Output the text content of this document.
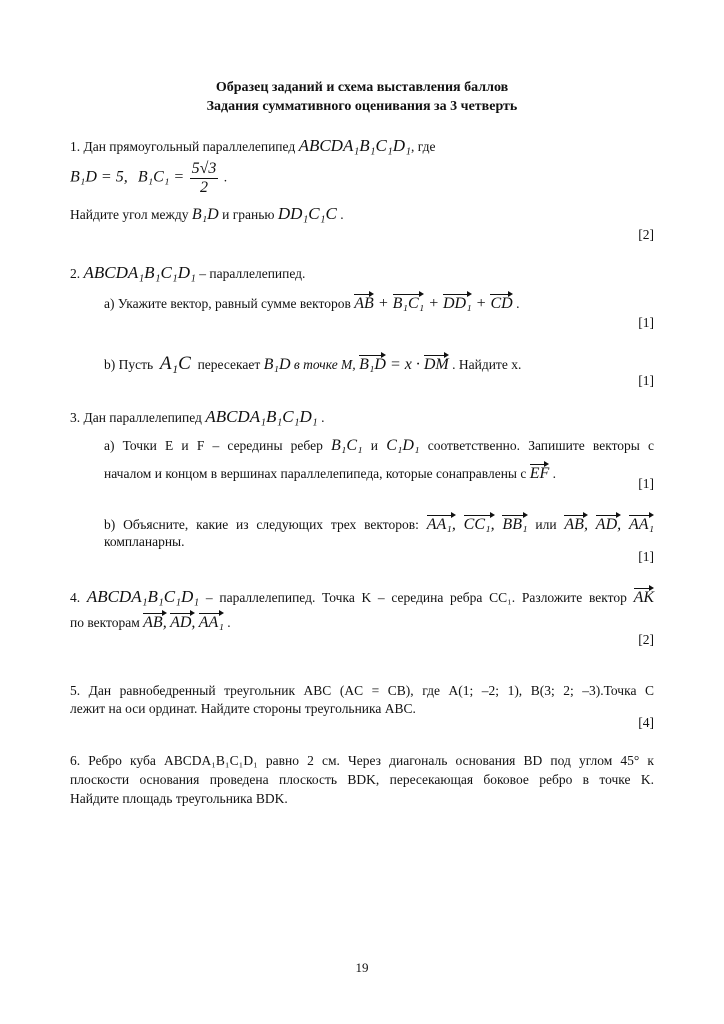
Образец заданий и схема выставления баллов
Задания суммативного оценивания за 3 четверть
1. Дан прямоугольный параллелепипед ABCDA₁B₁C₁D₁, где
B₁D = 5, $B_1C_1 = \frac{5√3}{2}$ .
Найдите угол между B₁D и гранью DD₁C₁C .
[2]
2. ABCDA₁B₁C₁D₁ – параллелепипед.
a) Укажите вектор, равный сумме векторов AB + B₁C₁ + DD₁ + CD .
[1]
b) Пусть A₁C пересекает B₁D в точке M, B₁D = x · DM . Найдите x.
[1]
3. Дан параллелепипед ABCDA₁B₁C₁D₁ .
a) Точки E и F – середины ребер B₁C₁ и C₁D₁ соответственно. Запишите векторы с
началом и концом в вершинах параллелепипеда, которые сонаправлены с EF .
[1]
b) Объясните, какие из следующих трех векторов: AA₁, CC₁, BB₁ или AB, AD, AA₁
компланарны.
[1]
4. ABCDA₁B₁C₁D₁ – параллелепипед. Точка K – середина ребра CC₁. Разложите вектор AK
по векторам AB, AD, AA₁ .
[2]
5. Дан равнобедренный треугольник ABC (AC = CB), где A(1; –2; 1), B(3; 2; –3).Точка C
лежит на оси ординат. Найдите стороны треугольника ABC.
[4]
6. Ребро куба ABCDA₁B₁C₁D₁ равно 2 см. Через диагональ основания BD под углом 45° к
плоскости основания проведена плоскость BDK, пересекающая боковое ребро в точке K.
Найдите площадь треугольника BDK.
19
